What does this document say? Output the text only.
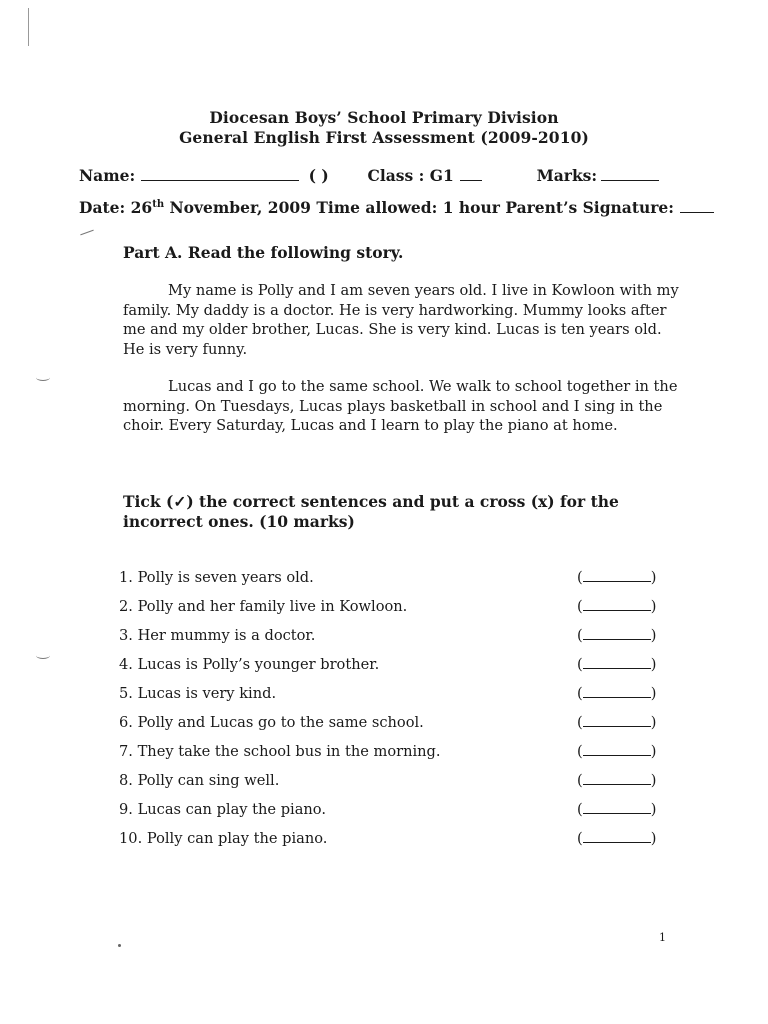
Diocesan Boys’ School Primary Division
General English First Assessment (2009-2010)
Name:	( )	Class : G1	Marks:
Date: 26th November, 2009 Time allowed: 1 hour Parent’s Signature:
Part A. Read the following story.
My name is Polly and I am seven years old. I live in Kowloon with my family. My daddy is a doctor. He is very hardworking. Mummy looks after me and my older brother, Lucas. She is very kind. Lucas is ten years old. He is very funny.
Lucas and I go to the same school. We walk to school together in the morning. On Tuesdays, Lucas plays basketball in school and I sing in the choir. Every Saturday, Lucas and I learn to play the piano at home.
Tick (✓) the correct sentences and put a cross (x) for the incorrect ones. (10 marks)
1. Polly is seven years old.	(	)
2. Polly and her family live in Kowloon.	(	)
3. Her mummy is a doctor.	(	)
4. Lucas is Polly’s younger brother.	(	)
5. Lucas is very kind.	(	)
6. Polly and Lucas go to the same school.	(	)
7. They take the school bus in the morning.	(	)
8. Polly can sing well.	(	)
9. Lucas can play the piano.	(	)
10. Polly can play the piano.	(	)
1
